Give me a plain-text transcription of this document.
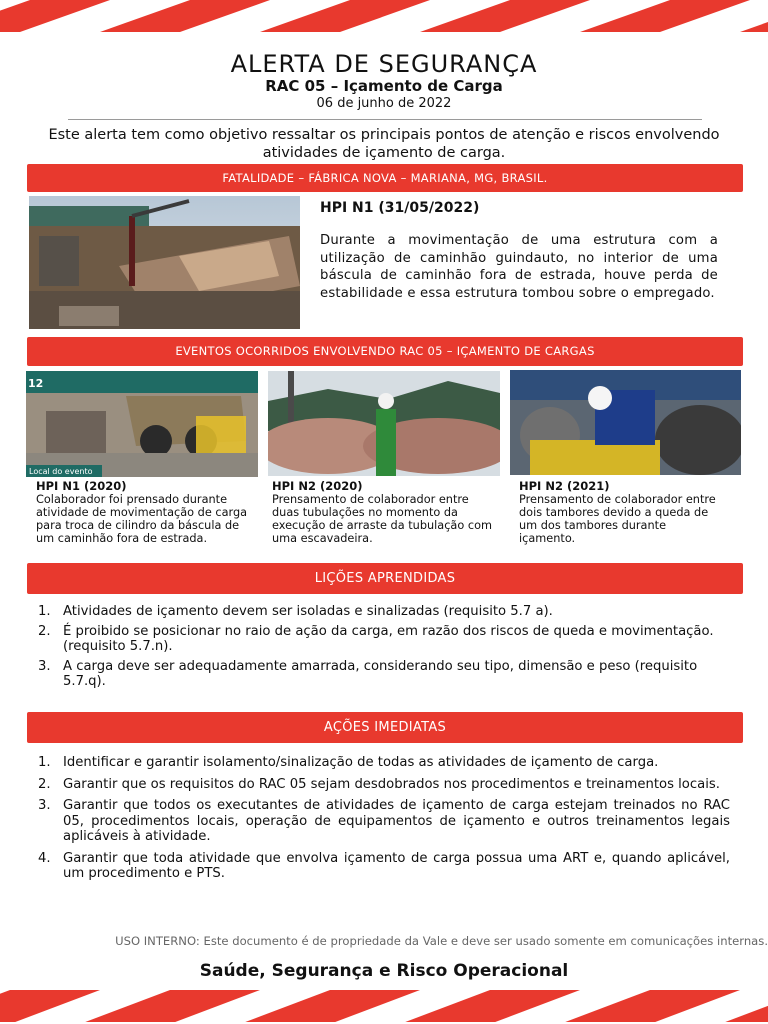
ALERTA DE SEGURANÇA
RAC 05 – Içamento de Carga
06 de junho de 2022
Este alerta tem como objetivo ressaltar os principais pontos de atenção e riscos envolvendo atividades de içamento de carga.
FATALIDADE – FÁBRICA NOVA – MARIANA, MG, BRASIL.
HPI N1 (31/05/2022)
Durante a movimentação de uma estrutura com a utilização de caminhão guindauto, no interior de uma báscula de caminhão fora de estrada, houve perda de estabilidade e essa estrutura tombou sobre o empregado.
EVENTOS OCORRIDOS ENVOLVENDO RAC 05 – IÇAMENTO DE CARGAS
Local do evento
12
HPI N1 (2020)
Colaborador foi prensado durante atividade de movimentação de carga para troca de cilindro da báscula de um caminhão fora de estrada.
HPI N2 (2020)
Prensamento de colaborador entre duas tubulações no momento da execução de arraste da tubulação com uma escavadeira.
HPI N2 (2021)
Prensamento de colaborador entre dois tambores devido a queda de um dos tambores durante içamento.
LIÇÕES APRENDIDAS
1. Atividades de içamento devem ser isoladas e sinalizadas (requisito 5.7 a).
2. É proibido se posicionar no raio de ação da carga, em razão dos riscos de queda e movimentação. (requisito 5.7.n).
3. A carga deve ser adequadamente amarrada, considerando seu tipo, dimensão e peso (requisito 5.7.q).
AÇÕES IMEDIATAS
1. Identificar e garantir isolamento/sinalização de todas as atividades de içamento de carga.
2. Garantir que os requisitos do RAC 05 sejam desdobrados nos procedimentos e treinamentos locais.
3. Garantir que todos os executantes de atividades de içamento de carga estejam treinados no RAC 05, procedimentos locais, operação de equipamentos de içamento e outros treinamentos legais aplicáveis à atividade.
4. Garantir que toda atividade que envolva içamento de carga possua uma ART e, quando aplicável, um procedimento e PTS.
USO INTERNO: Este documento é de propriedade da Vale e deve ser usado somente em comunicações internas.
Saúde, Segurança e Risco Operacional
